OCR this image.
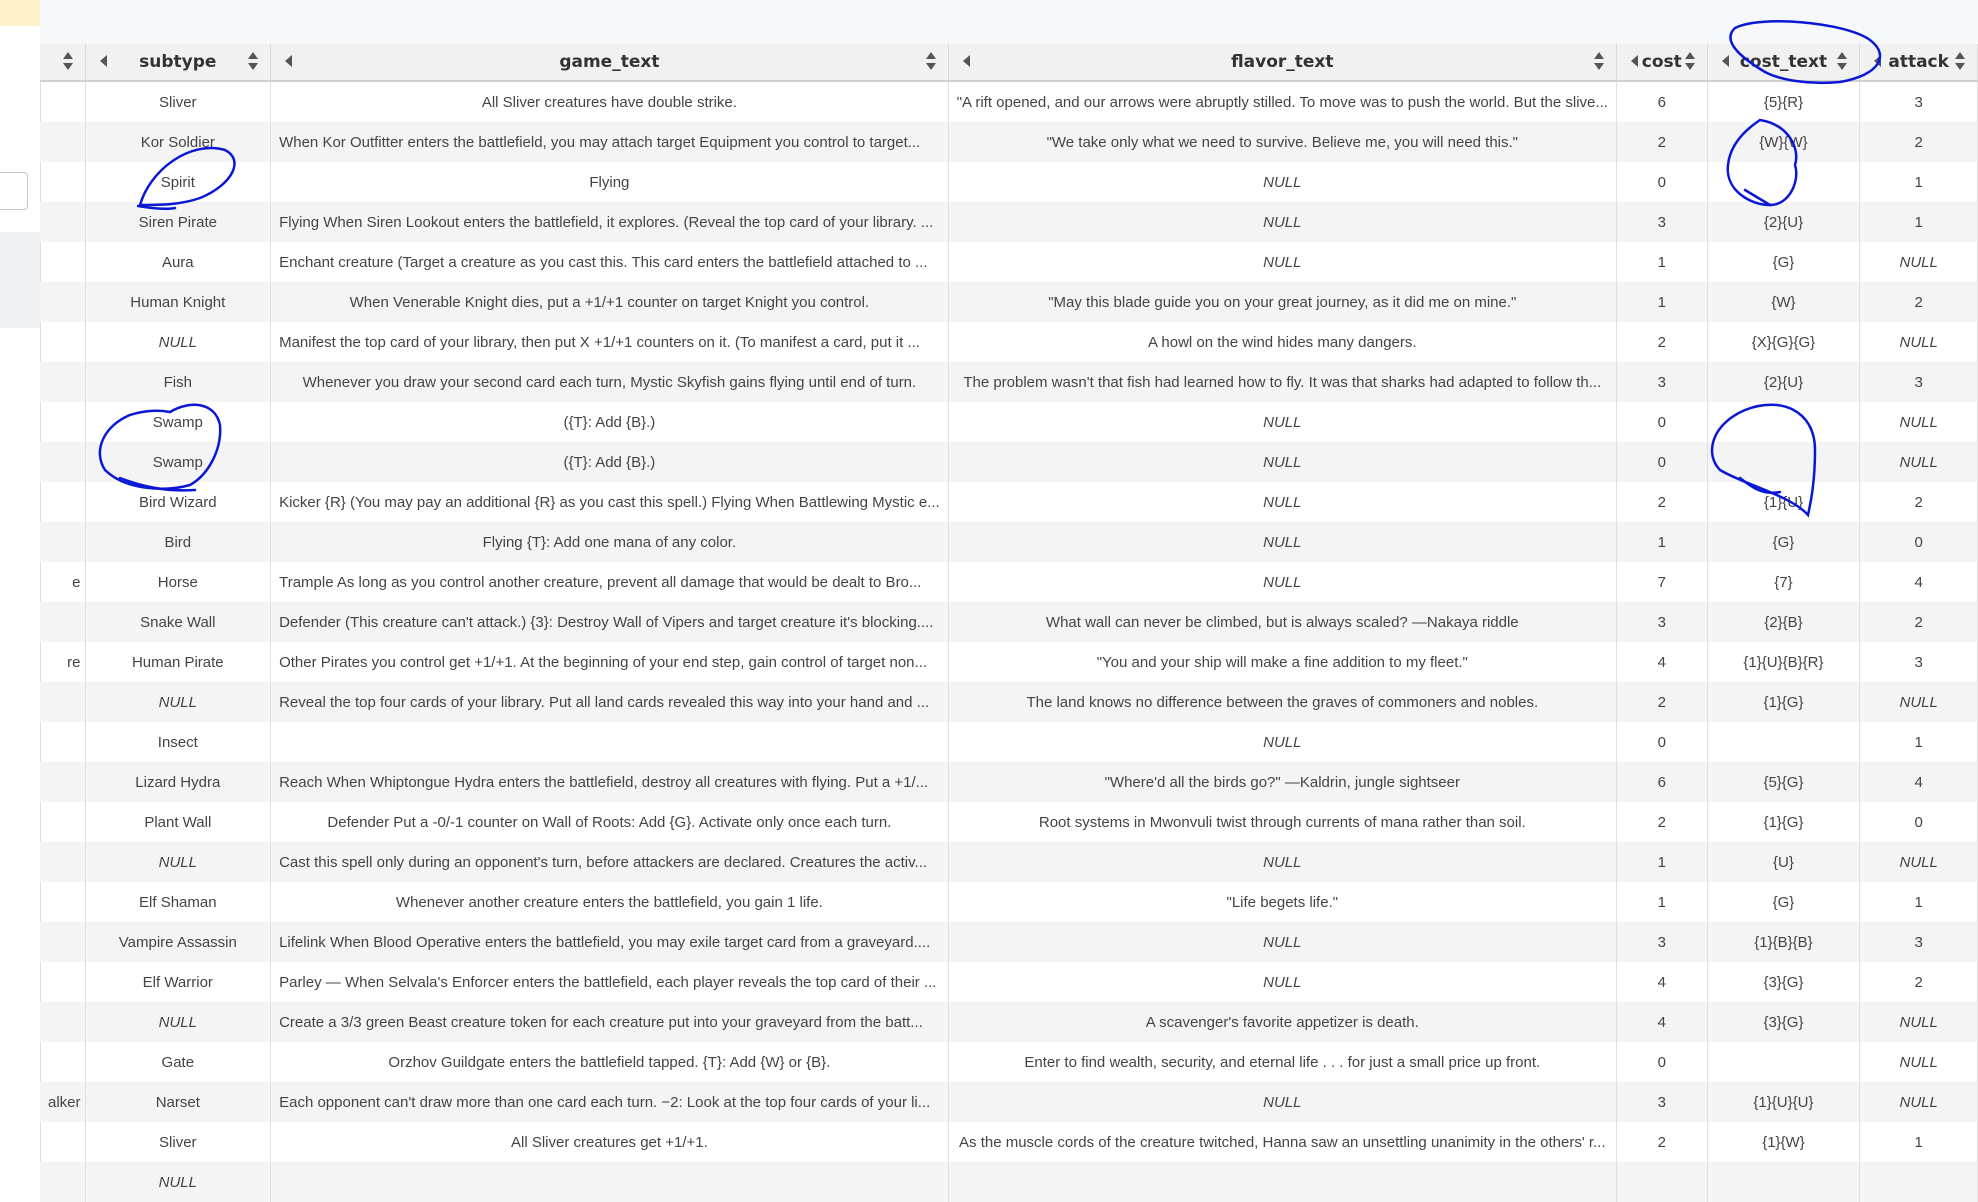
	subtype	game_text	flavor_text	cost	cost_text	attack

	Sliver	All Sliver creatures have double strike.	"A rift opened, and our arrows were abruptly stilled. To move was to push the world. But the slive...	6	{5}{R}	3
	Kor Soldier	When Kor Outfitter enters the battlefield, you may attach target Equipment you control to target...	"We take only what we need to survive. Believe me, you will need this."	2	{W}{W}	2
	Spirit	Flying	NULL	0		1
	Siren Pirate	Flying When Siren Lookout enters the battlefield, it explores. (Reveal the top card of your library. ...	NULL	3	{2}{U}	1
	Aura	Enchant creature (Target a creature as you cast this. This card enters the battlefield attached to ...	NULL	1	{G}	NULL
	Human Knight	When Venerable Knight dies, put a +1/+1 counter on target Knight you control.	"May this blade guide you on your great journey, as it did me on mine."	1	{W}	2
	NULL	Manifest the top card of your library, then put X +1/+1 counters on it. (To manifest a card, put it ...	A howl on the wind hides many dangers.	2	{X}{G}{G}	NULL
	Fish	Whenever you draw your second card each turn, Mystic Skyfish gains flying until end of turn.	The problem wasn't that fish had learned how to fly. It was that sharks had adapted to follow th...	3	{2}{U}	3
	Swamp	({T}: Add {B}.)	NULL	0		NULL
	Swamp	({T}: Add {B}.)	NULL	0		NULL
	Bird Wizard	Kicker {R} (You may pay an additional {R} as you cast this spell.) Flying When Battlewing Mystic e...	NULL	2	{1}{U}	2
	Bird	Flying {T}: Add one mana of any color.	NULL	1	{G}	0
e	Horse	Trample As long as you control another creature, prevent all damage that would be dealt to Bro...	NULL	7	{7}	4
	Snake Wall	Defender (This creature can't attack.) {3}: Destroy Wall of Vipers and target creature it's blocking....	What wall can never be climbed, but is always scaled? —Nakaya riddle	3	{2}{B}	2
re	Human Pirate	Other Pirates you control get +1/+1. At the beginning of your end step, gain control of target non...	"You and your ship will make a fine addition to my fleet."	4	{1}{U}{B}{R}	3
	NULL	Reveal the top four cards of your library. Put all land cards revealed this way into your hand and ...	The land knows no difference between the graves of commoners and nobles.	2	{1}{G}	NULL
	Insect		NULL	0		1
	Lizard Hydra	Reach When Whiptongue Hydra enters the battlefield, destroy all creatures with flying. Put a +1/...	"Where'd all the birds go?" —Kaldrin, jungle sightseer	6	{5}{G}	4
	Plant Wall	Defender Put a -0/-1 counter on Wall of Roots: Add {G}. Activate only once each turn.	Root systems in Mwonvuli twist through currents of mana rather than soil.	2	{1}{G}	0
	NULL	Cast this spell only during an opponent's turn, before attackers are declared. Creatures the activ...	NULL	1	{U}	NULL
	Elf Shaman	Whenever another creature enters the battlefield, you gain 1 life.	"Life begets life."	1	{G}	1
	Vampire Assassin	Lifelink When Blood Operative enters the battlefield, you may exile target card from a graveyard....	NULL	3	{1}{B}{B}	3
	Elf Warrior	Parley — When Selvala's Enforcer enters the battlefield, each player reveals the top card of their ...	NULL	4	{3}{G}	2
	NULL	Create a 3/3 green Beast creature token for each creature put into your graveyard from the batt...	A scavenger's favorite appetizer is death.	4	{3}{G}	NULL
	Gate	Orzhov Guildgate enters the battlefield tapped. {T}: Add {W} or {B}.	Enter to find wealth, security, and eternal life . . . for just a small price up front.	0		NULL
alker	Narset	Each opponent can't draw more than one card each turn. −2: Look at the top four cards of your li...	NULL	3	{1}{U}{U}	NULL
	Sliver	All Sliver creatures get +1/+1.	As the muscle cords of the creature twitched, Hanna saw an unsettling unanimity in the others' r...	2	{1}{W}	1
	NULL					
